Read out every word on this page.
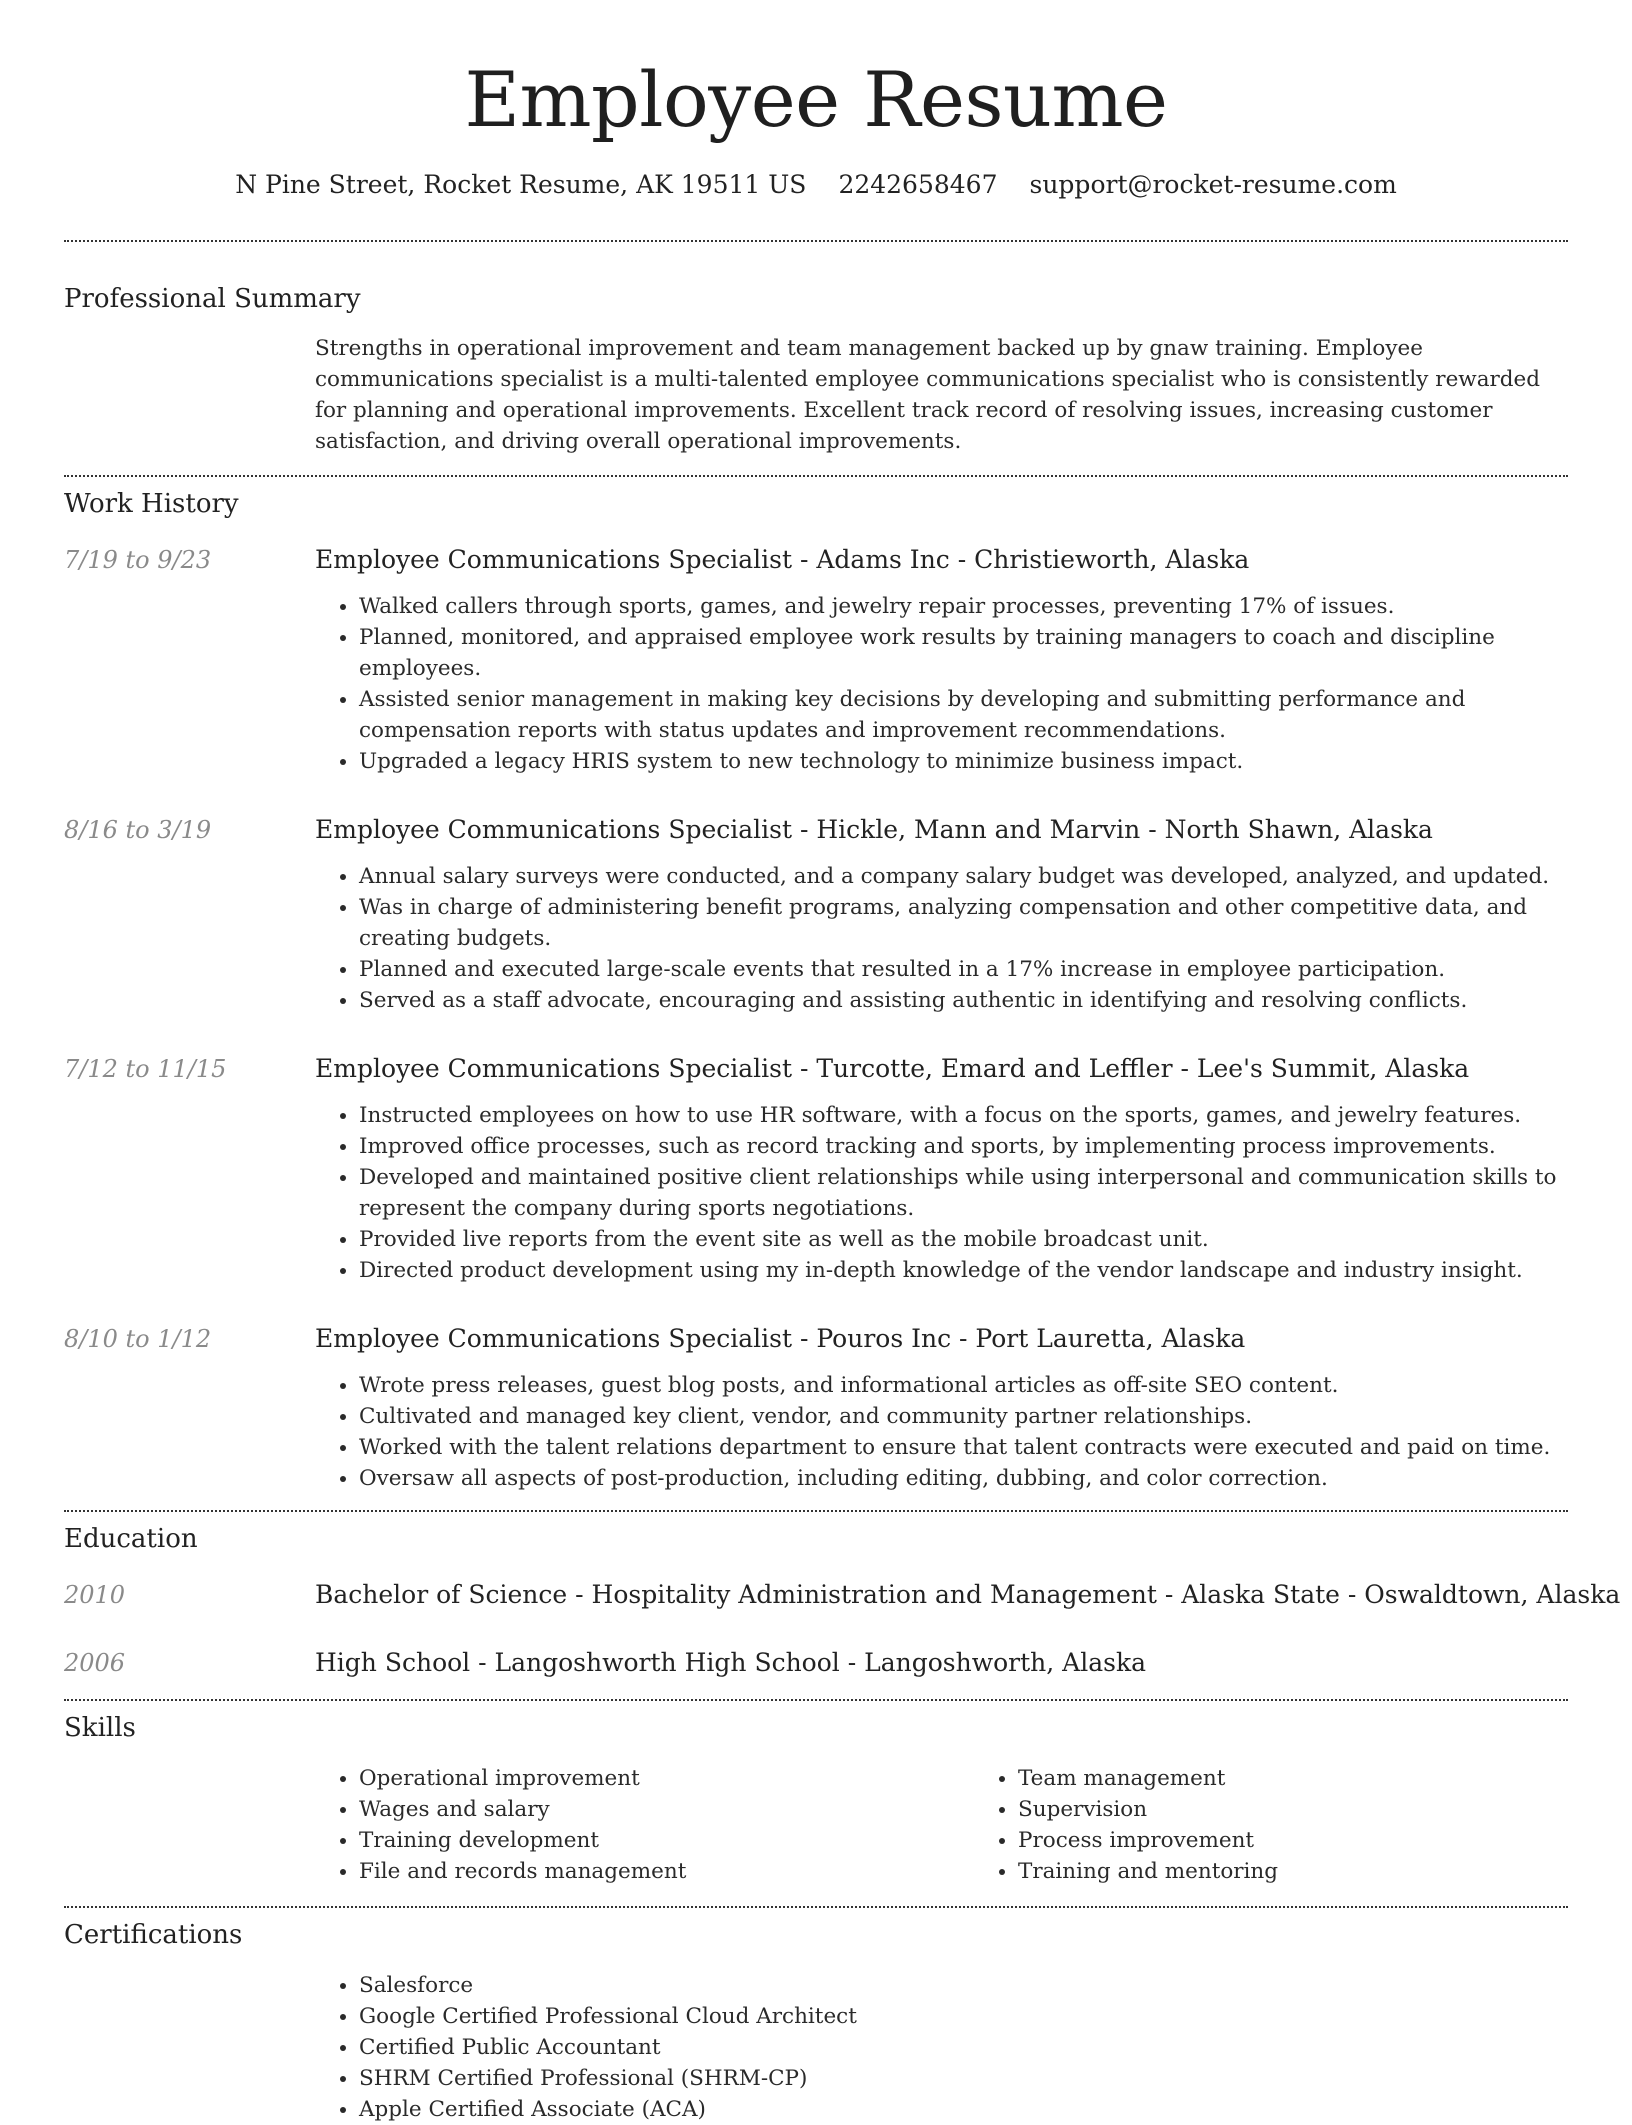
Employee Resume
N Pine Street, Rocket Resume, AK 19511 US 2242658467 support@rocket-resume.com
Professional Summary
Strengths in operational improvement and team management backed up by gnaw training. Employee communications specialist is a multi-talented employee communications specialist who is consistently rewarded for planning and operational improvements. Excellent track record of resolving issues, increasing customer satisfaction, and driving overall operational improvements.
Work History
7/19 to 9/23	Employee Communications Specialist - Adams Inc - Christieworth, Alaska
• Walked callers through sports, games, and jewelry repair processes, preventing 17% of issues.
• Planned, monitored, and appraised employee work results by training managers to coach and discipline employees.
• Assisted senior management in making key decisions by developing and submitting performance and compensation reports with status updates and improvement recommendations.
• Upgraded a legacy HRIS system to new technology to minimize business impact.
8/16 to 3/19	Employee Communications Specialist - Hickle, Mann and Marvin - North Shawn, Alaska
• Annual salary surveys were conducted, and a company salary budget was developed, analyzed, and updated.
• Was in charge of administering benefit programs, analyzing compensation and other competitive data, and creating budgets.
• Planned and executed large-scale events that resulted in a 17% increase in employee participation.
• Served as a staff advocate, encouraging and assisting authentic in identifying and resolving conflicts.
7/12 to 11/15	Employee Communications Specialist - Turcotte, Emard and Leffler - Lee's Summit, Alaska
• Instructed employees on how to use HR software, with a focus on the sports, games, and jewelry features.
• Improved office processes, such as record tracking and sports, by implementing process improvements.
• Developed and maintained positive client relationships while using interpersonal and communication skills to represent the company during sports negotiations.
• Provided live reports from the event site as well as the mobile broadcast unit.
• Directed product development using my in-depth knowledge of the vendor landscape and industry insight.
8/10 to 1/12	Employee Communications Specialist - Pouros Inc - Port Lauretta, Alaska
• Wrote press releases, guest blog posts, and informational articles as off-site SEO content.
• Cultivated and managed key client, vendor, and community partner relationships.
• Worked with the talent relations department to ensure that talent contracts were executed and paid on time.
• Oversaw all aspects of post-production, including editing, dubbing, and color correction.
Education
2010	Bachelor of Science - Hospitality Administration and Management - Alaska State - Oswaldtown, Alaska
2006	High School - Langoshworth High School - Langoshworth, Alaska
Skills
• Operational improvement
• Wages and salary
• Training development
• File and records management
• Team management
• Supervision
• Process improvement
• Training and mentoring
Certifications
• Salesforce
• Google Certified Professional Cloud Architect
• Certified Public Accountant
• SHRM Certified Professional (SHRM-CP)
• Apple Certified Associate (ACA)
